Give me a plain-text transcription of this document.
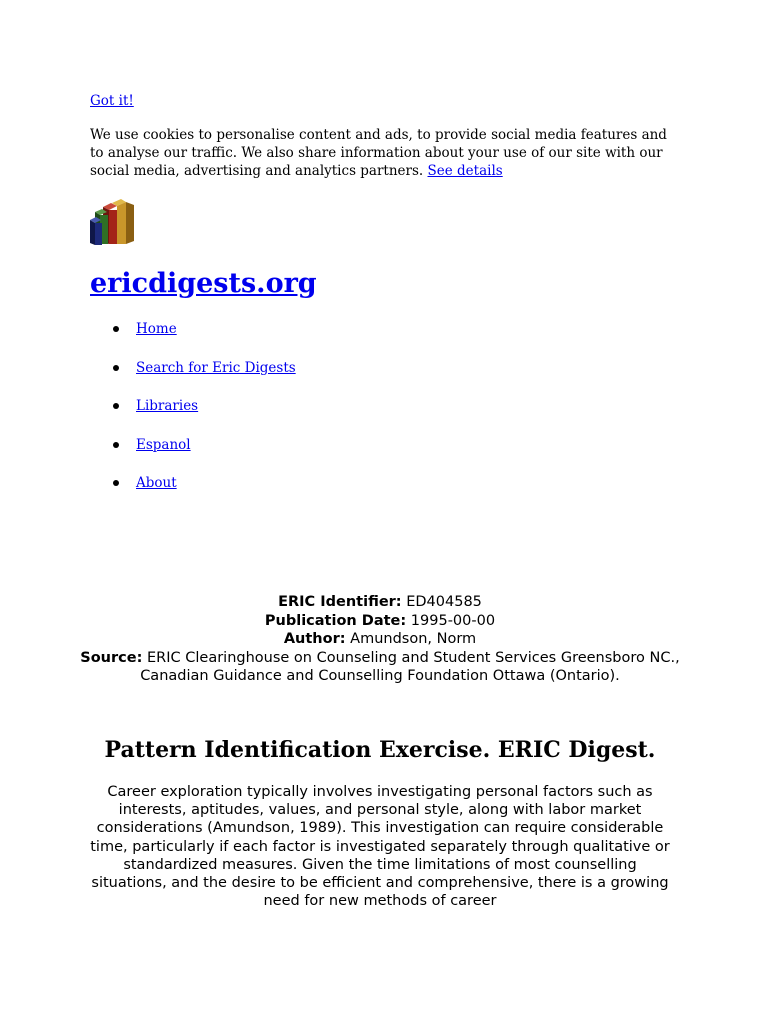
Got it!

We use cookies to personalise content and ads, to provide social media features and to analyse our traffic. We also share information about your use of our site with our social media, advertising and analytics partners. See details

ericdigests.org
Home
Search for Eric Digests
Libraries
Espanol
About

ERIC Identifier: ED404585

Publication Date: 1995-00-00

Author: Amundson, Norm

Source: ERIC Clearinghouse on Counseling and Student Services Greensboro NC., Canadian Guidance and Counselling Foundation Ottawa (Ontario).

Pattern Identification Exercise. ERIC Digest.

Career exploration typically involves investigating personal factors such as interests, aptitudes, values, and personal style, along with labor market considerations (Amundson, 1989). This investigation can require considerable time, particularly if each factor is investigated separately through qualitative or standardized measures. Given the time limitations of most counselling situations, and the desire to be efficient and comprehensive, there is a growing need for new methods of career
